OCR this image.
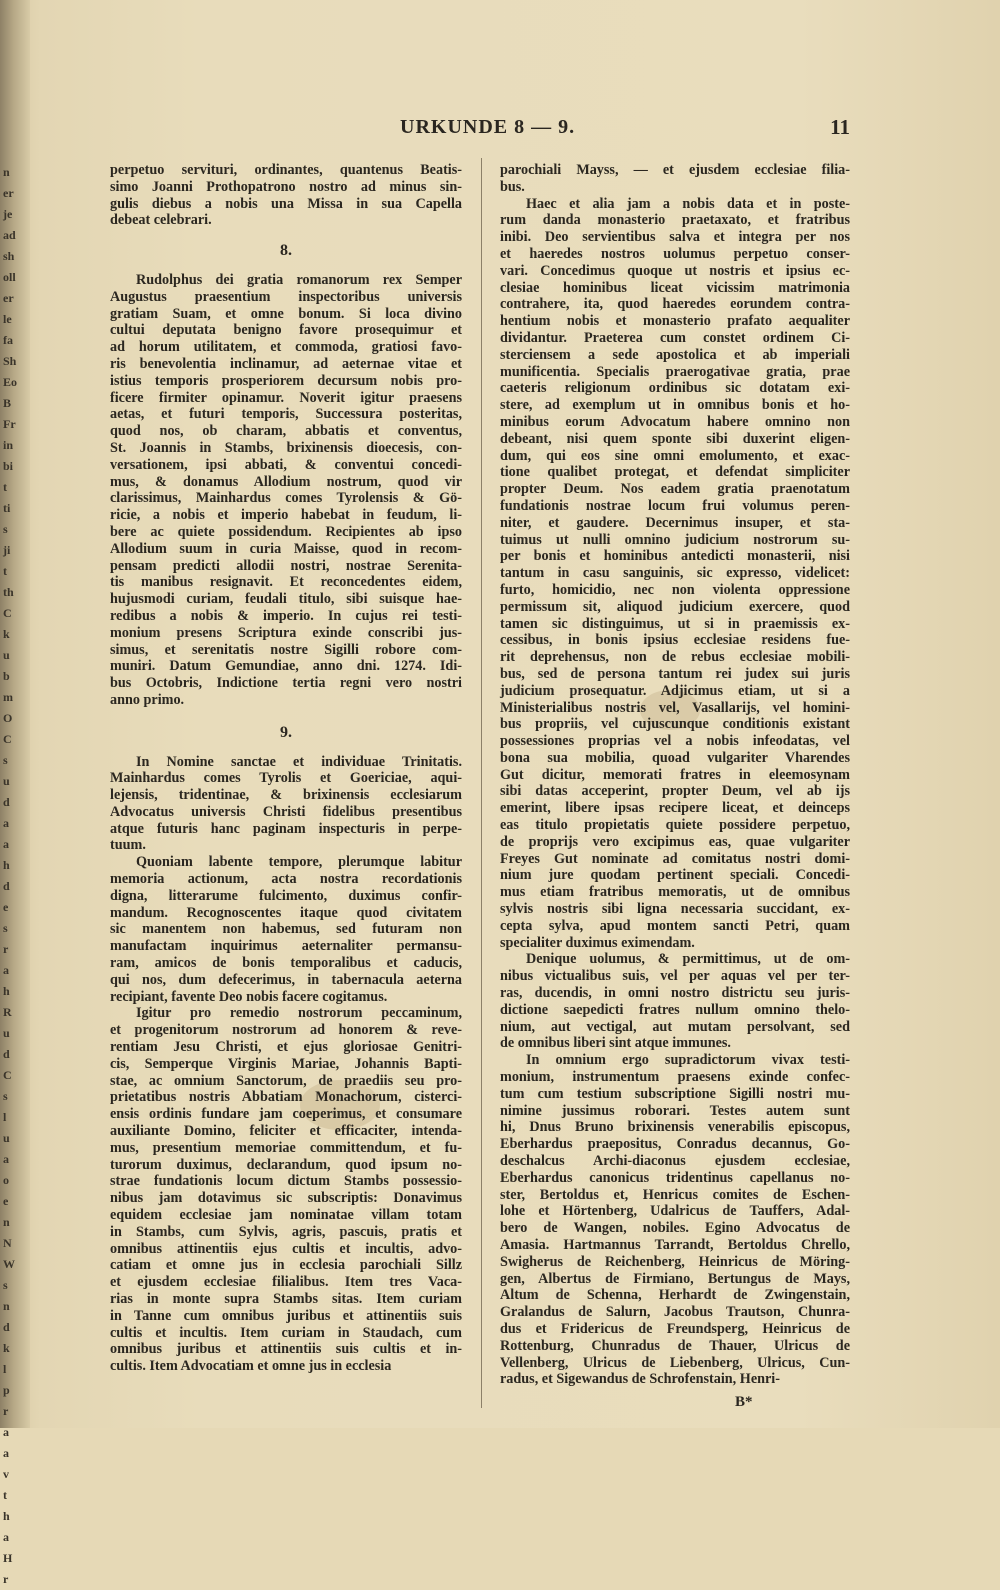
n
er
je
ad
sh
oll
er
le
fa
Sh
Eo
B
Fr
in
bi
t
ti
s
ji
t
th
C
k
u
b
m
O
C
s
u
d
a
a
h
d
e
s
r
a
h
R
u
d
C
s
l
u
a
o
e
n
N
W
s
n
d
k
l
p
r
a
a
v
t
h
a
H
r
URKUNDE 8 — 9.	11
perpetuo servituri, ordinantes, quantenus Beatis-
simo Joanni Prothopatrono nostro ad minus sin-
gulis diebus a nobis una Missa in sua Capella
debeat celebrari.
8.
Rudolphus dei gratia romanorum rex Semper
Augustus praesentium inspectoribus universis
gratiam Suam, et omne bonum. Si loca divino
cultui deputata benigno favore prosequimur et
ad horum utilitatem, et commoda, gratiosi favo-
ris benevolentia inclinamur, ad aeternae vitae et
istius temporis prosperiorem decursum nobis pro-
ficere firmiter opinamur. Noverit igitur praesens
aetas, et futuri temporis, Successura posteritas,
quod nos, ob charam, abbatis et conventus,
St. Joannis in Stambs, brixinensis dioecesis, con-
versationem, ipsi abbati, & conventui concedi-
mus, & donamus Allodium nostrum, quod vir
clarissimus, Mainhardus comes Tyrolensis & Gö-
ricie, a nobis et imperio habebat in feudum, li-
bere ac quiete possidendum. Recipientes ab ipso
Allodium suum in curia Maisse, quod in recom-
pensam predicti allodii nostri, nostrae Serenita-
tis manibus resignavit. Et reconcedentes eidem,
hujusmodi curiam, feudali titulo, sibi suisque hae-
redibus a nobis & imperio. In cujus rei testi-
monium presens Scriptura exinde conscribi jus-
simus, et serenitatis nostre Sigilli robore com-
muniri. Datum Gemundiae, anno dni. 1274. Idi-
bus Octobris, Indictione tertia regni vero nostri
anno primo.
9.
In Nomine sanctae et individuae Trinitatis.
Mainhardus comes Tyrolis et Goericiae, aqui-
lejensis, tridentinae, & brixinensis ecclesiarum
Advocatus universis Christi fidelibus presentibus
atque futuris hanc paginam inspecturis in perpe-
tuum.
Quoniam labente tempore, plerumque labitur
memoria actionum, acta nostra recordationis
digna, litterarume fulcimento, duximus confir-
mandum. Recognoscentes itaque quod civitatem
sic manentem non habemus, sed futuram non
manufactam inquirimus aeternaliter permansu-
ram, amicos de bonis temporalibus et caducis,
qui nos, dum defecerimus, in tabernacula aeterna
recipiant, favente Deo nobis facere cogitamus.
Igitur pro remedio nostrorum peccaminum,
et progenitorum nostrorum ad honorem & reve-
rentiam Jesu Christi, et ejus gloriosae Genitri-
cis, Semperque Virginis Mariae, Johannis Bapti-
stae, ac omnium Sanctorum, de praediis seu pro-
prietatibus nostris Abbatiam Monachorum, cisterci-
ensis ordinis fundare jam coeperimus, et consumare
auxiliante Domino, feliciter et efficaciter, intenda-
mus, presentium memoriae committendum, et fu-
turorum duximus, declarandum, quod ipsum no-
strae fundationis locum dictum Stambs possessio-
nibus jam dotavimus sic subscriptis: Donavimus
equidem ecclesiae jam nominatae villam totam
in Stambs, cum Sylvis, agris, pascuis, pratis et
omnibus attinentiis ejus cultis et incultis, advo-
catiam et omne jus in ecclesia parochiali Sillz
et ejusdem ecclesiae filialibus. Item tres Vaca-
rias in monte supra Stambs sitas. Item curiam
in Tanne cum omnibus juribus et attinentiis suis
cultis et incultis. Item curiam in Staudach, cum
omnibus juribus et attinentiis suis cultis et in-
cultis. Item Advocatiam et omne jus in ecclesia
parochiali Mayss, — et ejusdem ecclesiae filia-
bus.
Haec et alia jam a nobis data et in poste-
rum danda monasterio praetaxato, et fratribus
inibi. Deo servientibus salva et integra per nos
et haeredes nostros uolumus perpetuo conser-
vari. Concedimus quoque ut nostris et ipsius ec-
clesiae hominibus liceat vicissim matrimonia
contrahere, ita, quod haeredes eorundem contra-
hentium nobis et monasterio prafato aequaliter
dividantur. Praeterea cum constet ordinem Ci-
sterciensem a sede apostolica et ab imperiali
munificentia. Specialis praerogativae gratia, prae
caeteris religionum ordinibus sic dotatam exi-
stere, ad exemplum ut in omnibus bonis et ho-
minibus eorum Advocatum habere omnino non
debeant, nisi quem sponte sibi duxerint eligen-
dum, qui eos sine omni emolumento, et exac-
tione qualibet protegat, et defendat simpliciter
propter Deum. Nos eadem gratia praenotatum
fundationis nostrae locum frui volumus peren-
niter, et gaudere. Decernimus insuper, et sta-
tuimus ut nulli omnino judicium nostrorum su-
per bonis et hominibus antedicti monasterii, nisi
tantum in casu sanguinis, sic expresso, videlicet:
furto, homicidio, nec non violenta oppressione
permissum sit, aliquod judicium exercere, quod
tamen sic distinguimus, ut si in praemissis ex-
cessibus, in bonis ipsius ecclesiae residens fue-
rit deprehensus, non de rebus ecclesiae mobili-
bus, sed de persona tantum rei judex sui juris
judicium prosequatur. Adjicimus etiam, ut si a
Ministerialibus nostris vel, Vasallarijs, vel homini-
bus propriis, vel cujuscunque conditionis existant
possessiones proprias vel a nobis infeodatas, vel
bona sua mobilia, quoad vulgariter Vharendes
Gut dicitur, memorati fratres in eleemosynam
sibi datas acceperint, propter Deum, vel ab ijs
emerint, libere ipsas recipere liceat, et deinceps
eas titulo propietatis quiete possidere perpetuo,
de proprijs vero excipimus eas, quae vulgariter
Freyes Gut nominate ad comitatus nostri domi-
nium jure quodam pertinent speciali. Concedi-
mus etiam fratribus memoratis, ut de omnibus
sylvis nostris sibi ligna necessaria succidant, ex-
cepta sylva, apud montem sancti Petri, quam
specialiter duximus eximendam.
Denique uolumus, & permittimus, ut de om-
nibus victualibus suis, vel per aquas vel per ter-
ras, ducendis, in omni nostro districtu seu juris-
dictione saepedicti fratres nullum omnino thelo-
nium, aut vectigal, aut mutam persolvant, sed
de omnibus liberi sint atque immunes.
In omnium ergo supradictorum vivax testi-
monium, instrumentum praesens exinde confec-
tum cum testium subscriptione Sigilli nostri mu-
nimine jussimus roborari. Testes autem sunt
hi, Dnus Bruno brixinensis venerabilis episcopus,
Eberhardus praepositus, Conradus decannus, Go-
deschalcus Archi-diaconus ejusdem ecclesiae,
Eberhardus canonicus tridentinus capellanus no-
ster, Bertoldus et, Henricus comites de Eschen-
lohe et Hörtenberg, Udalricus de Tauffers, Adal-
bero de Wangen, nobiles. Egino Advocatus de
Amasia. Hartmannus Tarrandt, Bertoldus Chrello,
Swigherus de Reichenberg, Heinricus de Möring-
gen, Albertus de Firmiano, Bertungus de Mays,
Altum de Schenna, Herhardt de Zwingenstain,
Gralandus de Salurn, Jacobus Trautson, Chunra-
dus et Fridericus de Freundsperg, Heinricus de
Rottenburg, Chunradus de Thauer, Ulricus de
Vellenberg, Ulricus de Liebenberg, Ulricus, Cun-
radus, et Sigewandus de Schrofenstain, Henri-
B*
